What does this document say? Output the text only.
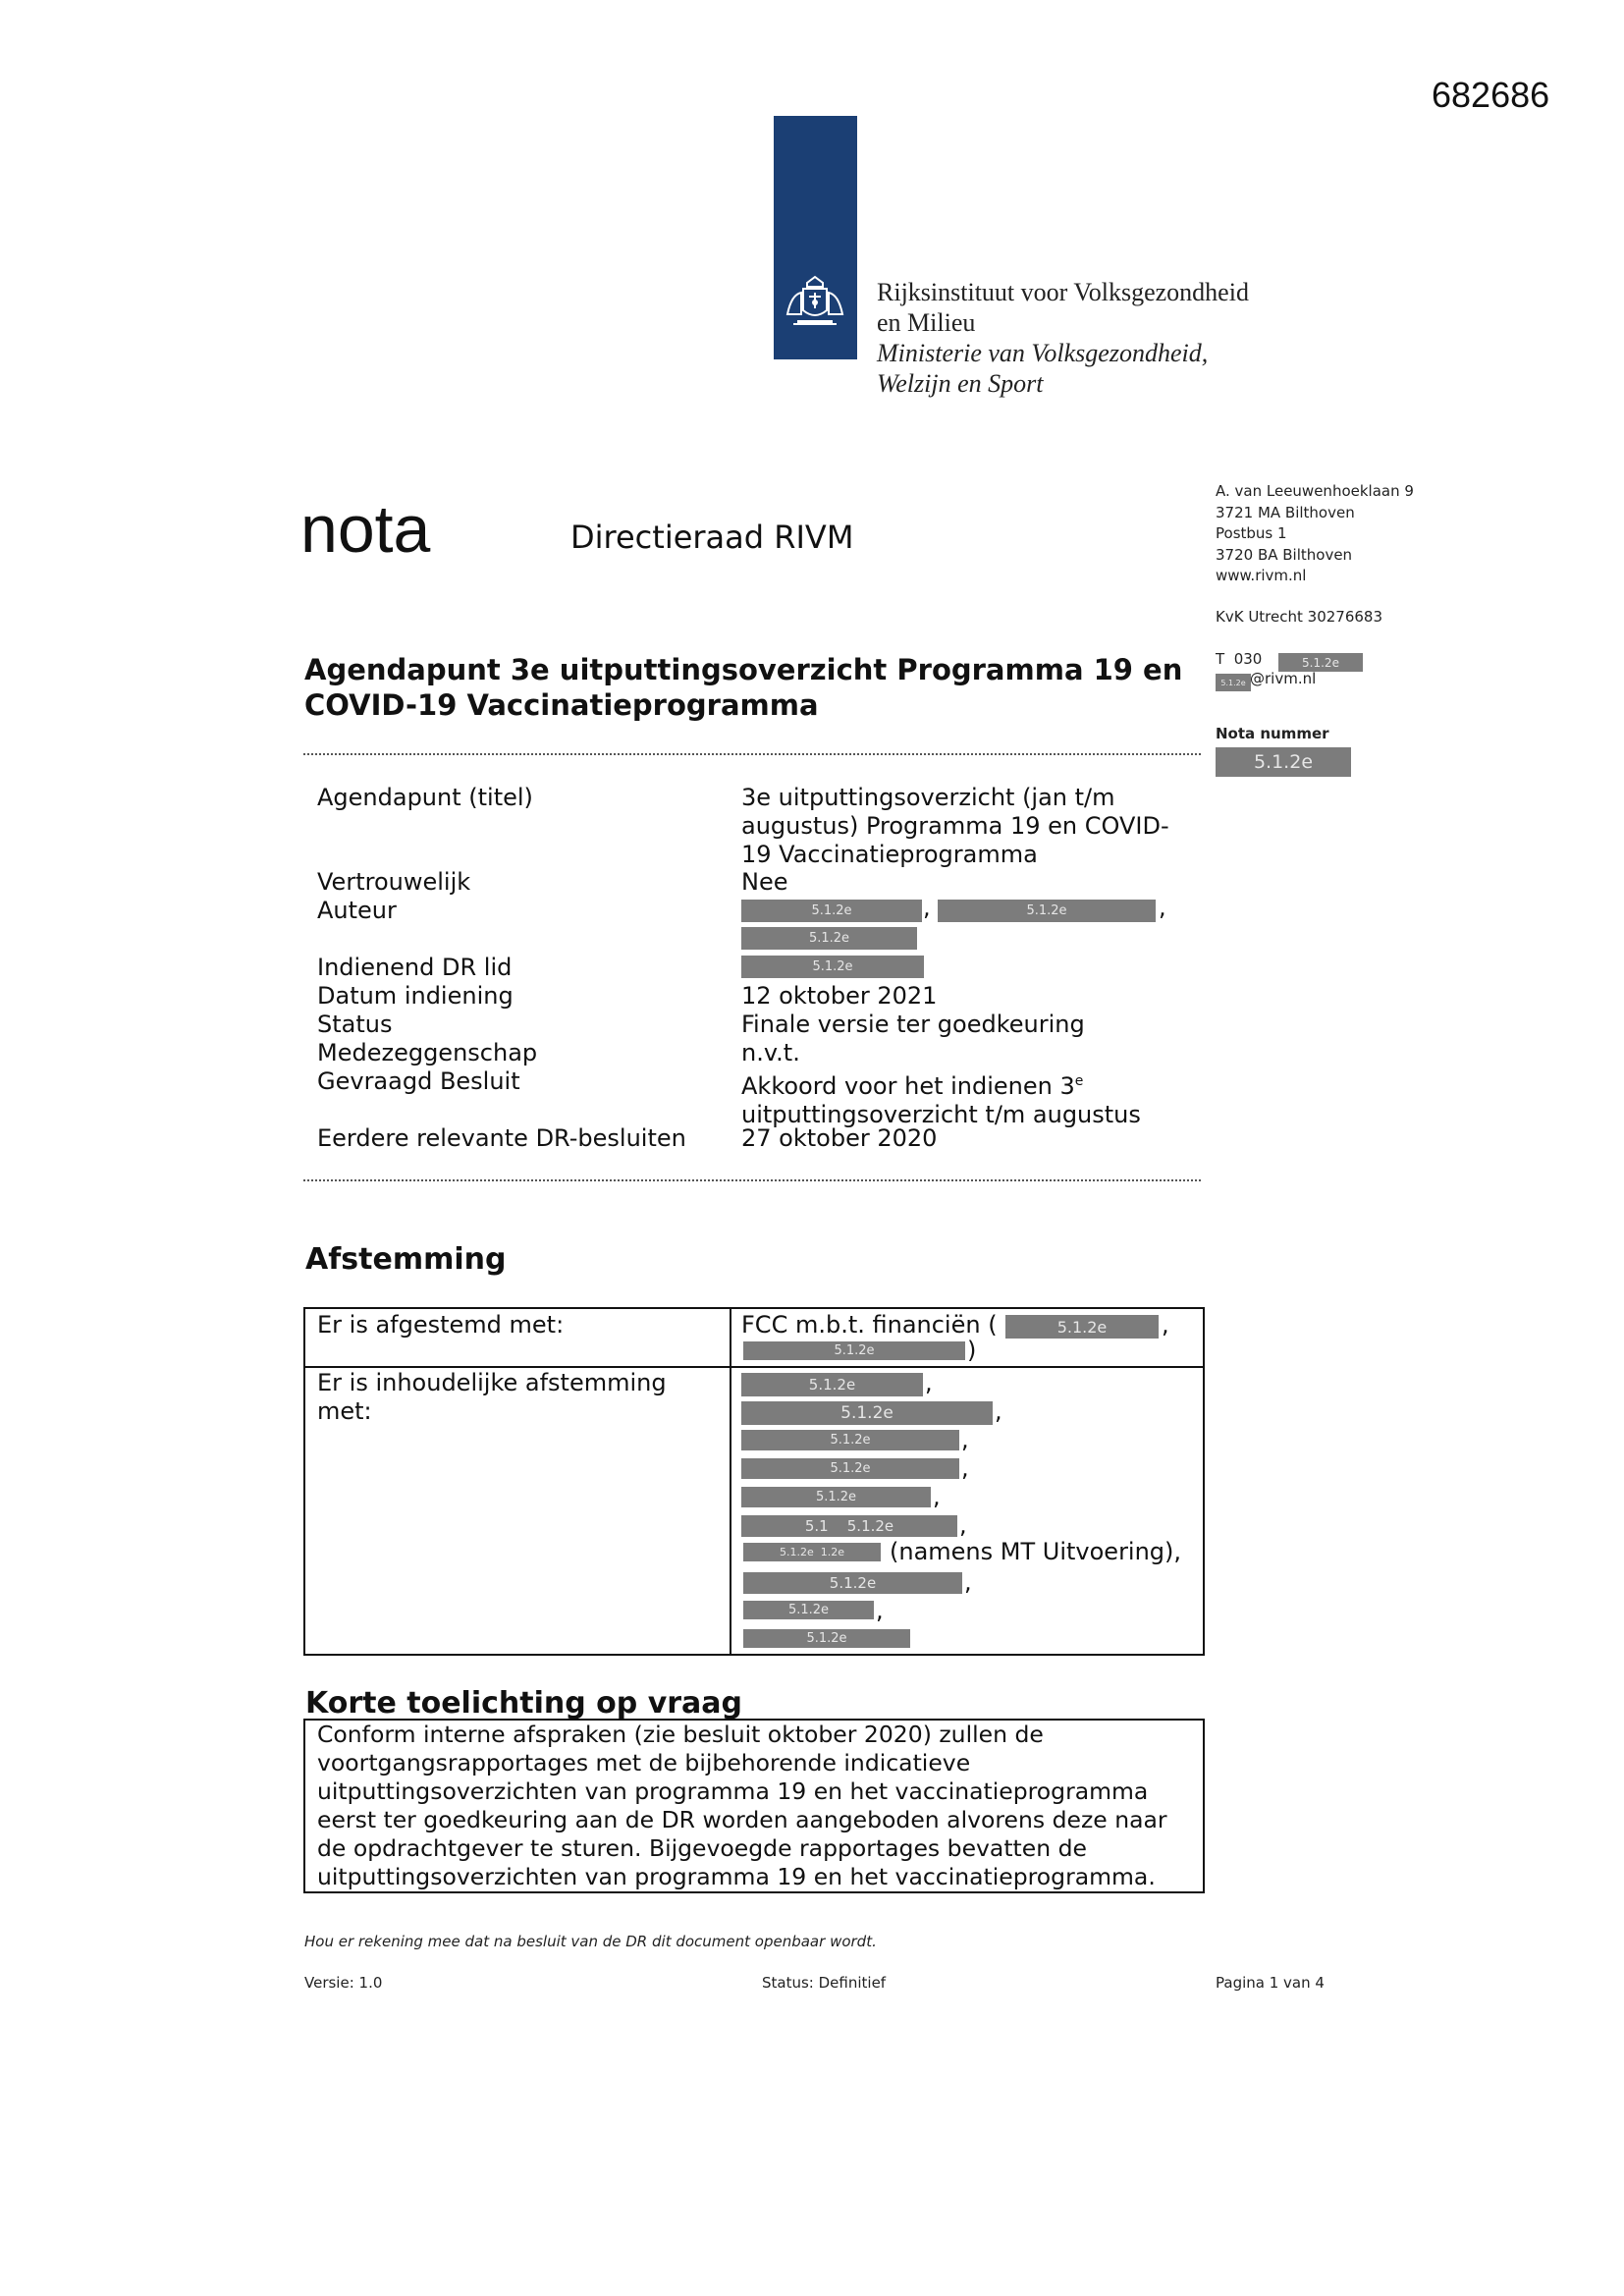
682686
Rijksinstituut voor Volksgezondheid
en Milieu
Ministerie van Volksgezondheid,
Welzijn en Sport
nota	Directieraad RIVM
A. van Leeuwenhoeklaan 9
3721 MA Bilthoven
Postbus 1
3720 BA Bilthoven
www.rivm.nl
KvK Utrecht 30276683
T  030	5.1.2e
5.1.2e @rivm.nl
Nota nummer
5.1.2e
Agendapunt 3e uitputtingsoverzicht Programma 19 en COVID-19 Vaccinatieprogramma
Agendapunt (titel)	3e uitputtingsoverzicht (jan t/m
augustus) Programma 19 en COVID-
19 Vaccinatieprogramma
Vertrouwelijk	Nee
Auteur	5.1.2e	,	5.1.2e	,
5.1.2e
Indienend DR lid	5.1.2e
Datum indiening	12 oktober 2021
Status	Finale versie ter goedkeuring
Medezeggenschap	n.v.t.
Gevraagd Besluit	Akkoord voor het indienen 3e
uitputtingsoverzicht t/m augustus
Eerdere relevante DR-besluiten 27 oktober 2020
Afstemming
Er is afgestemd met:	FCC m.b.t. financiën (	5.1.2e	,
5.1.2e	)
Er is inhoudelijke afstemming
met:
5.1.2e	,
5.1.2e	,
5.1.2e	,
5.1.2e	,
5.1.2e	,
5.1    5.1.2e	,
5.1.2e  1.2e	(namens MT Uitvoering),
5.1.2e	,
5.1.2e	,
5.1.2e
Korte toelichting op vraag
Conform interne afspraken (zie besluit oktober 2020) zullen de
voortgangsrapportages met de bijbehorende indicatieve
uitputtingsoverzichten van programma 19 en het vaccinatieprogramma
eerst ter goedkeuring aan de DR worden aangeboden alvorens deze naar
de opdrachtgever te sturen. Bijgevoegde rapportages bevatten de
uitputtingsoverzichten van programma 19 en het vaccinatieprogramma.
Hou er rekening mee dat na besluit van de DR dit document openbaar wordt.
Versie: 1.0	Status: Definitief	Pagina 1 van 4
